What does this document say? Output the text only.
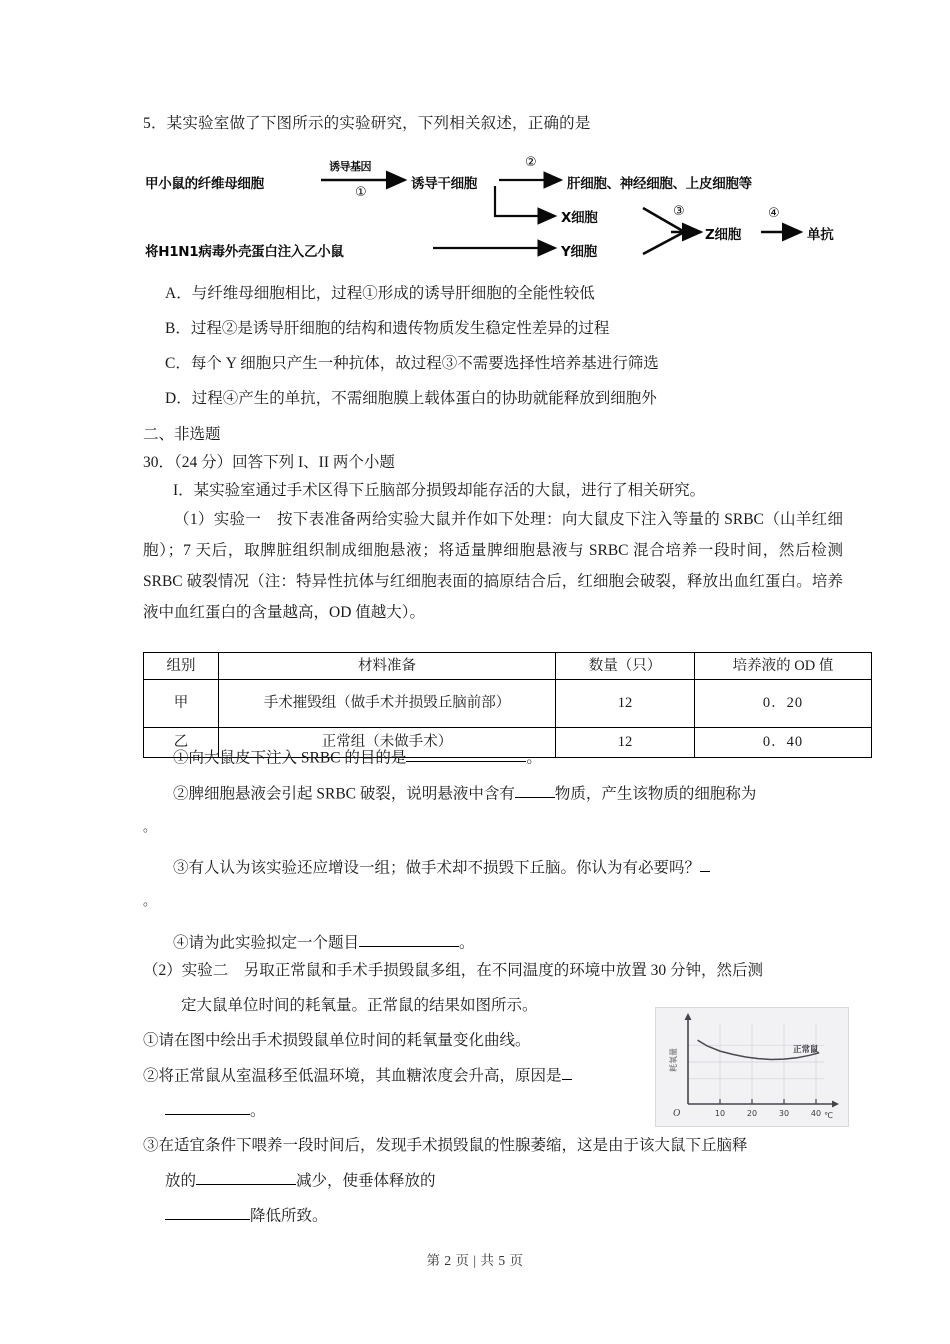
5．某实验室做了下图所示的实验研究，下列相关叙述，正确的是
甲小鼠的纤维母细胞
诱导基因
①
诱导干细胞
②
肝细胞、神经细胞、上皮细胞等
X细胞
将H1N1病毒外壳蛋白注入乙小鼠	Y细胞
③
Z细胞
④
单抗
A．与纤维母细胞相比，过程①形成的诱导肝细胞的全能性较低
B．过程②是诱导肝细胞的结构和遗传物质发生稳定性差异的过程
C．每个 Y 细胞只产生一种抗体，故过程③不需要选择性培养基进行筛选
D．过程④产生的单抗，不需细胞膜上载体蛋白的协助就能释放到细胞外
二、非选题
30．（24 分）回答下列 I、II 两个小题
I．某实验室通过手术区得下丘脑部分损毁却能存活的大鼠，进行了相关研究。

（1）实验一　按下表准备两给实验大鼠并作如下处理：向大鼠皮下注入等量的 SRBC（山羊红细胞）；7 天后，取脾脏组织制成细胞悬液；将适量脾细胞悬液与 SRBC 混合培养一段时间，然后检测 SRBC 破裂情况（注：特异性抗体与红细胞表面的搞原结合后，红细胞会破裂，释放出血红蛋白。培养液中血红蛋白的含量越高，OD 值越大）。

组别	材料准备	数量（只）	培养液的 OD 值
甲	手术摧毁组（做手术并损毁丘脑前部）	12	0．20
乙	正常组（未做手术）	12	0．40
①向大鼠皮下注入 SRBC 的目的是	。
②脾细胞悬液会引起 SRBC 破裂，说明悬液中含有	物质，产生该物质的细胞称为
。
③有人认为该实验还应增设一组；做手术却不损毁下丘脑。你认为有必要吗？
。
④请为此实验拟定一个题目	。
（2）实验二　另取正常鼠和手术手损毁鼠多组，在不同温度的环境中放置 30 分钟，然后测
定大鼠单位时间的耗氧量。正常鼠的结果如图所示。
①请在图中绘出手术损毁鼠单位时间的耗氧量变化曲线。
②将正常鼠从室温移至低温环境，其血糖浓度会升高，原因是
。
③在适宜条件下喂养一段时间后，发现手术损毁鼠的性腺萎缩，这是由于该大鼠下丘脑释
放的	减少，使垂体释放的
降低所致。
10	20	30	40
O	℃
耗氧量	正常鼠
第 2 页 | 共 5 页
